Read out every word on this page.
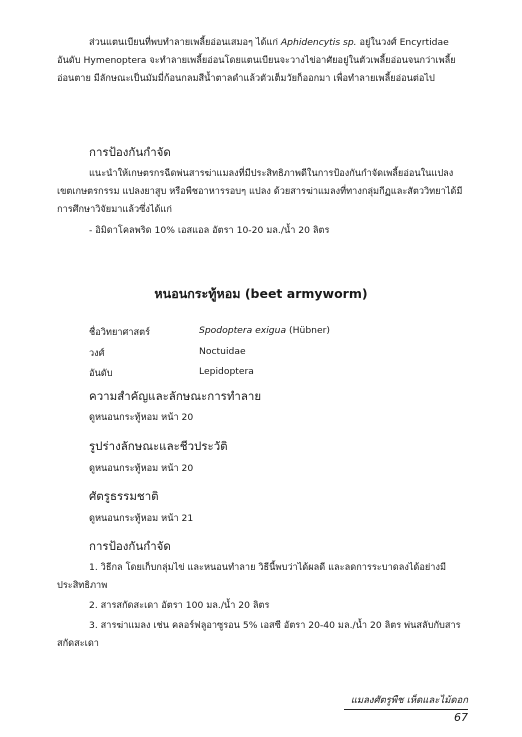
ส่วนแตนเบียนที่พบทำลายเพลี้ยอ่อนเสมอๆ ได้แก่ Aphidencytis sp. อยู่ในวงศ์ Encyrtidae อันดับ Hymenoptera จะทำลายเพลี้ยอ่อนโดยแตนเบียนจะวางไข่อาศัยอยู่ในตัวเพลี้ยอ่อนจนกว่าเพลี้ยอ่อนตาย มีลักษณะเป็นมัมมี่ก้อนกลมสีน้ำตาลดำแล้วตัวเต็มวัยก็ออกมา เพื่อทำลายเพลี้ยอ่อนต่อไป
การป้องกันกำจัด
แนะนำให้เกษตรกรฉีดพ่นสารฆ่าแมลงที่มีประสิทธิภาพดีในการป้องกันกำจัดเพลี้ยอ่อนในแปลงเขตเกษตรกรรม แปลงยาสูบ หรือพืชอาหารรอบๆ แปลง ด้วยสารฆ่าแมลงที่ทางกลุ่มกีฏและสัตววิทยาได้มีการศึกษาวิจัยมาแล้วซึ่งได้แก่
- อิมิดาโคลพริด 10% เอสแอล อัตรา 10-20 มล./น้ำ 20 ลิตร
หนอนกระทู้หอม (beet armyworm)
ชื่อวิทยาศาสตร์	Spodoptera exigua (Hübner)
วงศ์	Noctuidae
อันดับ	Lepidoptera
ความสำคัญและลักษณะการทำลาย
ดูหนอนกระทู้หอม หน้า 20
รูปร่างลักษณะและชีวประวัติ
ดูหนอนกระทู้หอม หน้า 20
ศัตรูธรรมชาติ
ดูหนอนกระทู้หอม หน้า 21
การป้องกันกำจัด
1. วิธีกล โดยเก็บกลุ่มไข่ และหนอนทำลาย วิธีนี้พบว่าได้ผลดี และลดการระบาดลงได้อย่างมีประสิทธิภาพ
2. สารสกัดสะเดา อัตรา 100 มล./น้ำ 20 ลิตร
3. สารฆ่าแมลง เช่น คลอร์ฟลูอาซูรอน 5% เอสซี อัตรา 20-40 มล./น้ำ 20 ลิตร พ่นสลับกับสารสกัดสะเดา
แมลงศัตรูพืช เห็ดและไม้ดอก
67
